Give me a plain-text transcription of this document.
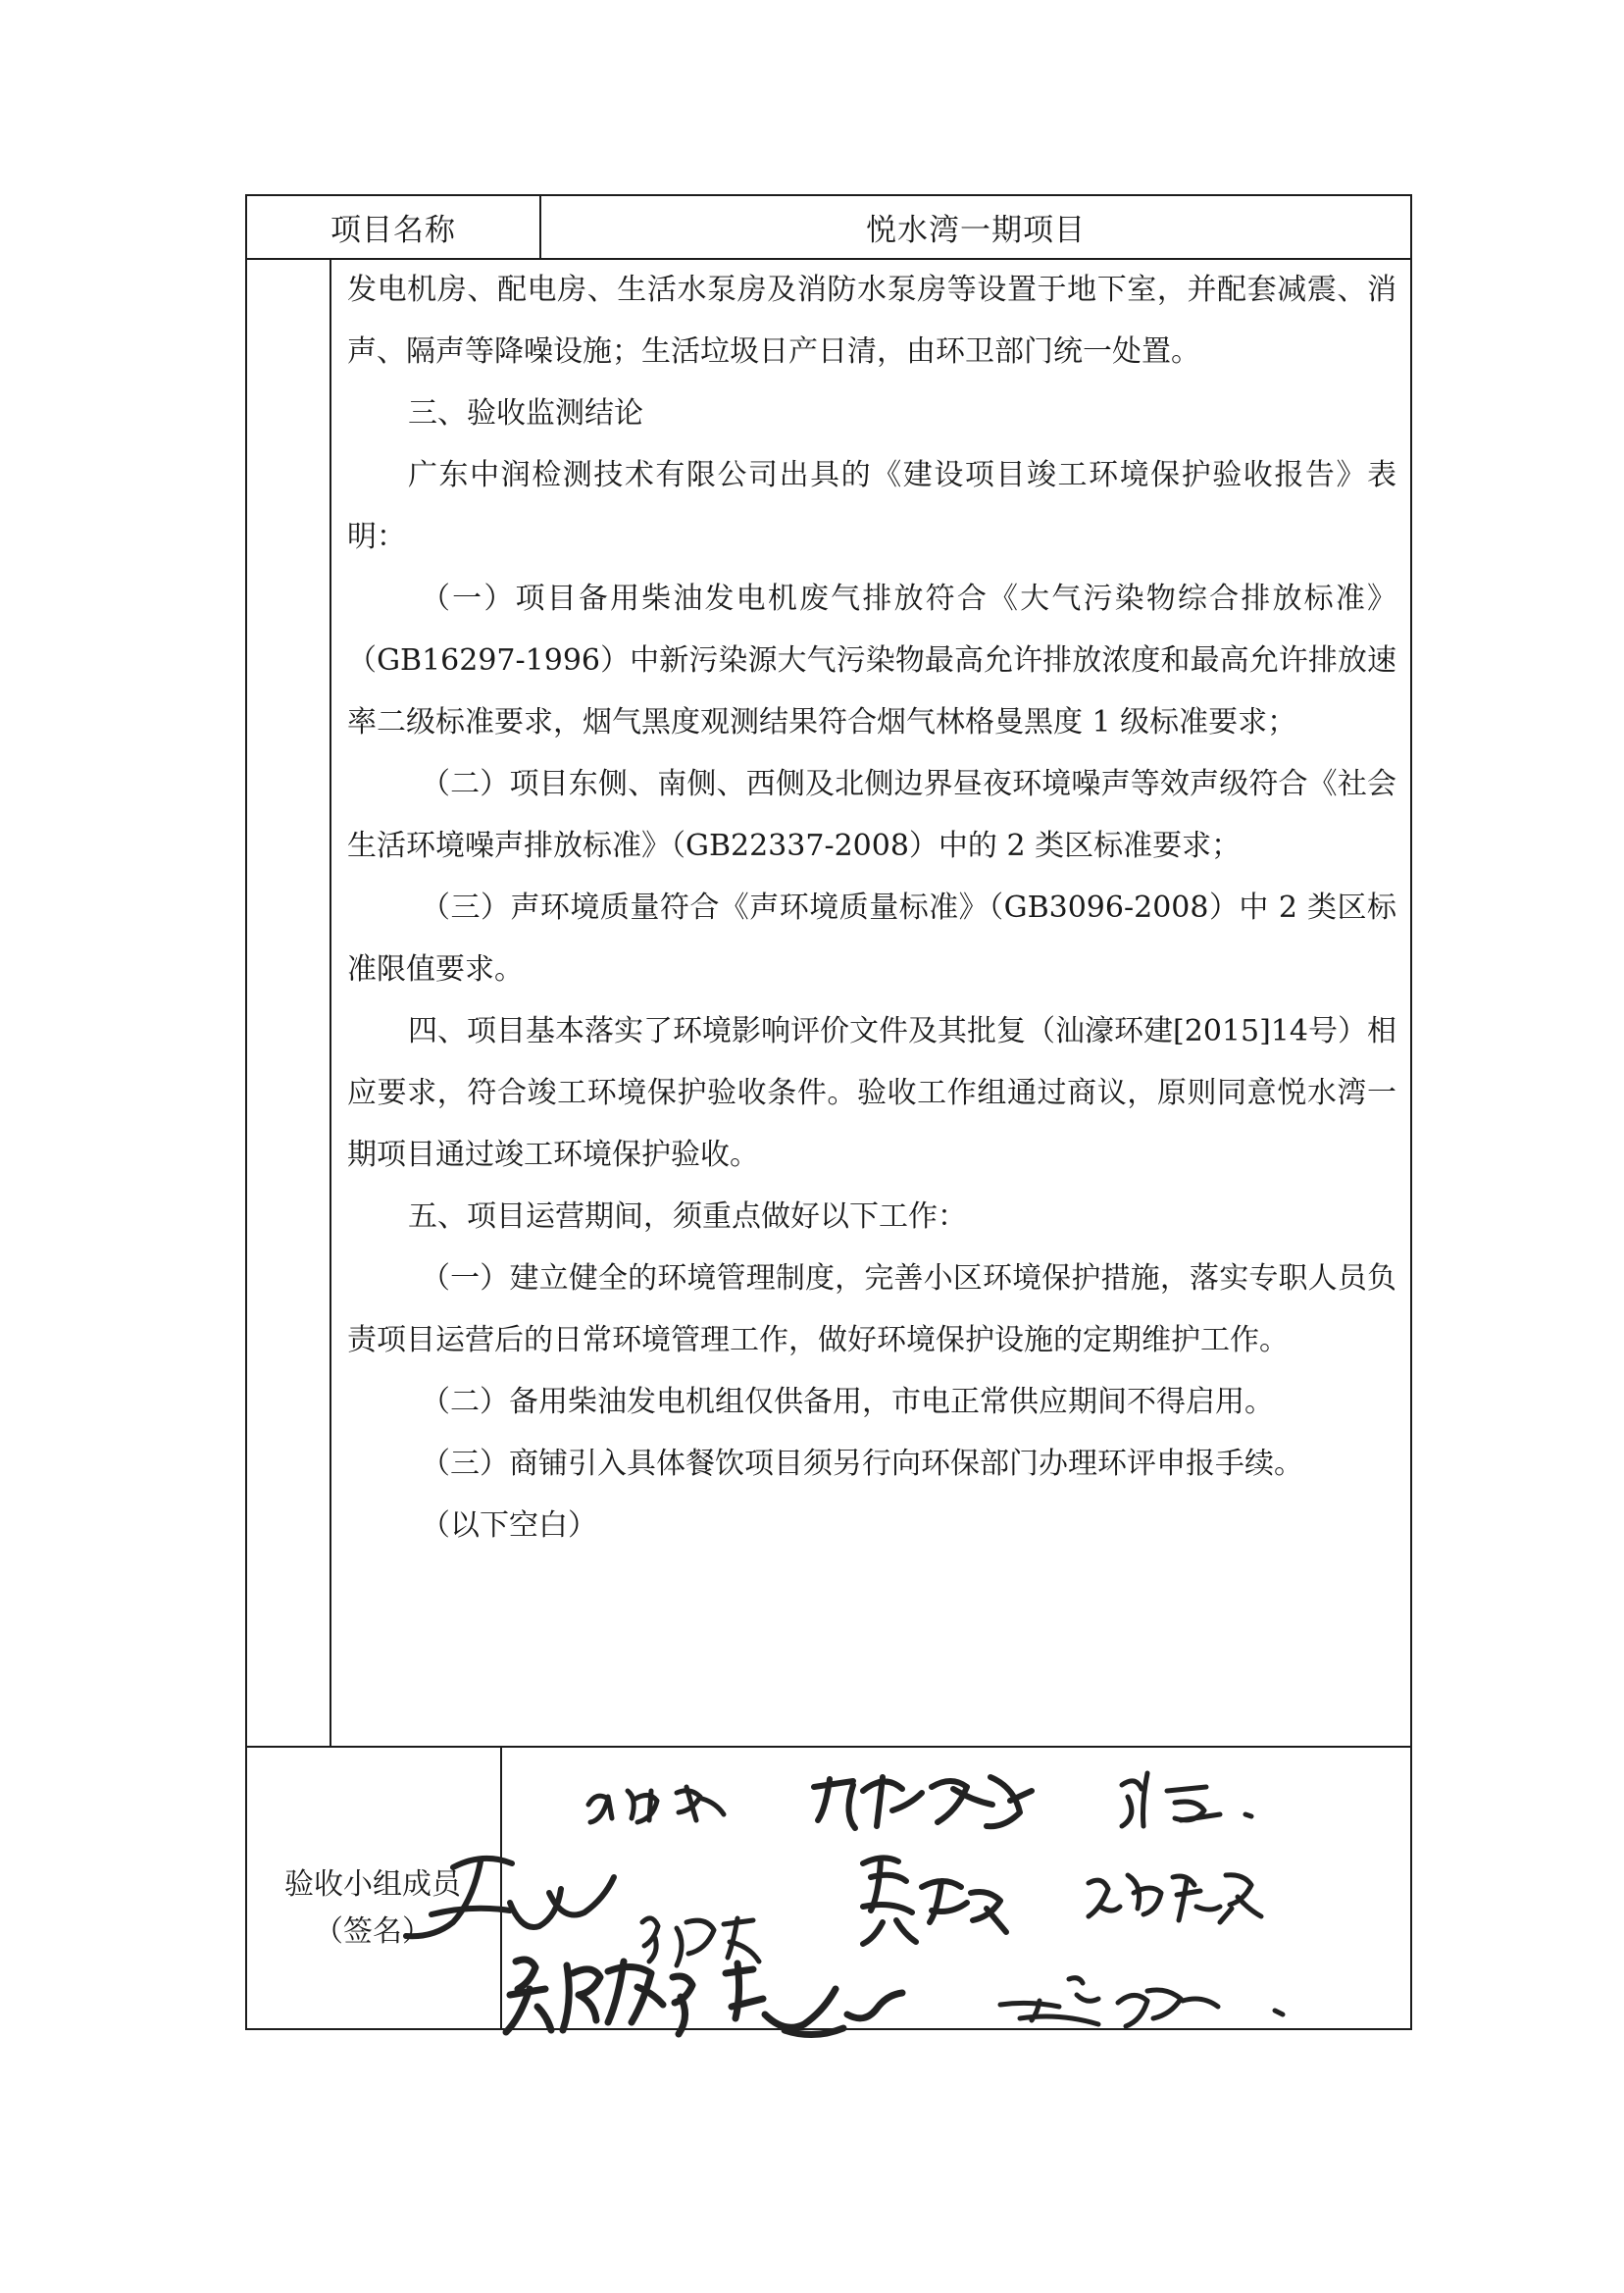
项目名称	悦水湾一期项目

发电机房、配电房、生活水泵房及消防水泵房等设置于地下室，并配套减震、消声、隔声等降噪设施；生活垃圾日产日清，由环卫部门统一处置。

三、验收监测结论

广东中润检测技术有限公司出具的《建设项目竣工环境保护验收报告》表明：

（一）项目备用柴油发电机废气排放符合《大气污染物综合排放标准》（GB16297-1996）中新污染源大气污染物最高允许排放浓度和最高允许排放速率二级标准要求，烟气黑度观测结果符合烟气林格曼黑度 1 级标准要求；

（二）项目东侧、南侧、西侧及北侧边界昼夜环境噪声等效声级符合《社会生活环境噪声排放标准》（GB22337-2008）中的 2 类区标准要求；

（三）声环境质量符合《声环境质量标准》（GB3096-2008）中 2 类区标准限值要求。

四、项目基本落实了环境影响评价文件及其批复（汕濠环建[2015]14号）相应要求，符合竣工环境保护验收条件。验收工作组通过商议，原则同意悦水湾一期项目通过竣工环境保护验收。

五、项目运营期间，须重点做好以下工作：

（一）建立健全的环境管理制度，完善小区环境保护措施，落实专职人员负责项目运营后的日常环境管理工作，做好环境保护设施的定期维护工作。

（二）备用柴油发电机组仅供备用，市电正常供应期间不得启用。

（三）商铺引入具体餐饮项目须另行向环保部门办理环评申报手续。

（以下空白）

验收小组成员
（签名）
